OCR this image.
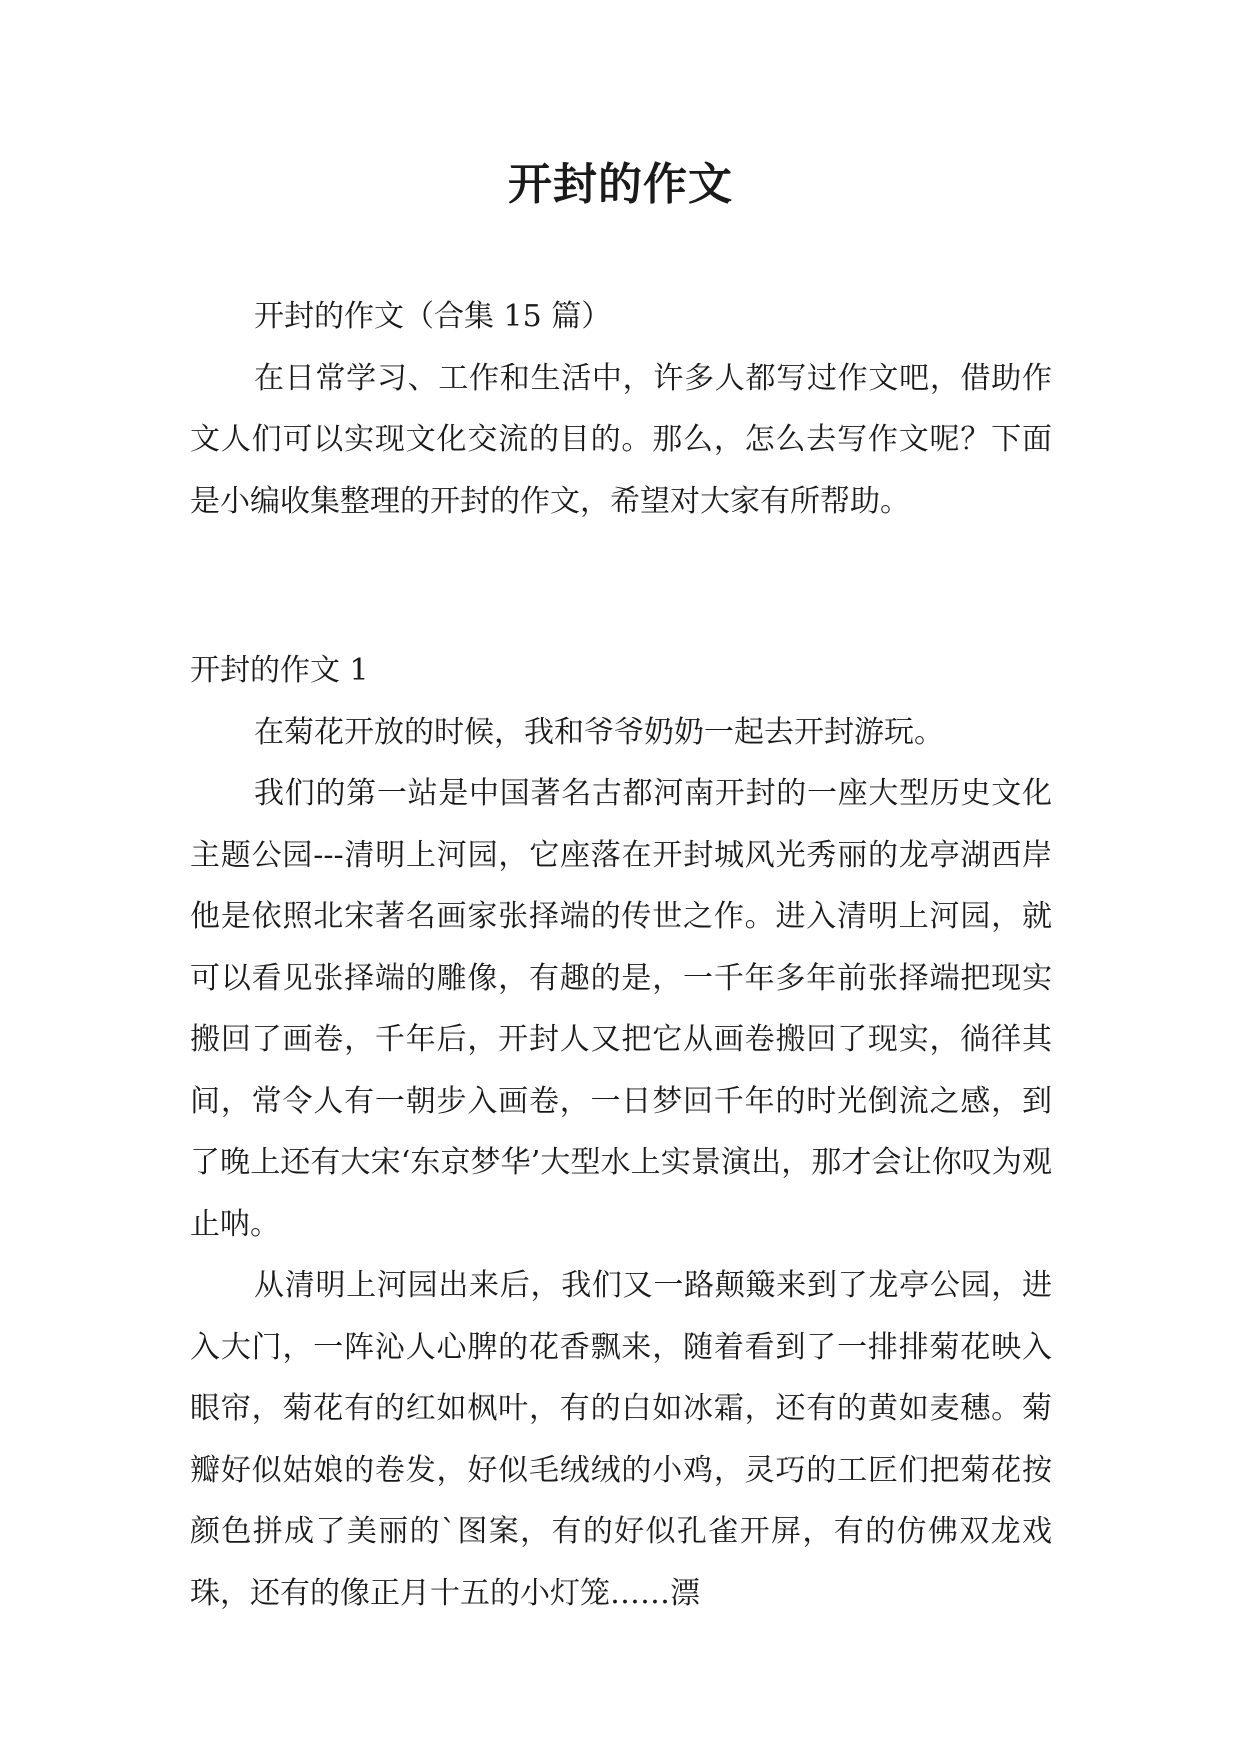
开封的作文

开封的作文（合集 15 篇）

在日常学习、工作和生活中，许多人都写过作文吧，借助作文人们可以实现文化交流的目的。那么，怎么去写作文呢？下面是小编收集整理的开封的作文，希望对大家有所帮助。

开封的作文 1

在菊花开放的时候，我和爷爷奶奶一起去开封游玩。

我们的第一站是中国著名古都河南开封的一座大型历史文化主题公园---清明上河园，它座落在开封城风光秀丽的龙亭湖西岸他是依照北宋著名画家张择端的传世之作。进入清明上河园，就可以看见张择端的雕像，有趣的是，一千年多年前张择端把现实搬回了画卷，千年后，开封人又把它从画卷搬回了现实，徜徉其间，常令人有一朝步入画卷，一日梦回千年的时光倒流之感，到了晚上还有大宋‘东京梦华’大型水上实景演出，那才会让你叹为观止呐。

从清明上河园出来后，我们又一路颠簸来到了龙亭公园，进入大门，一阵沁人心脾的花香飘来，随着看到了一排排菊花映入眼帘，菊花有的红如枫叶，有的白如冰霜，还有的黄如麦穗。菊瓣好似姑娘的卷发，好似毛绒绒的小鸡，灵巧的工匠们把菊花按颜色拼成了美丽的`图案，有的好似孔雀开屏，有的仿佛双龙戏珠，还有的像正月十五的小灯笼……漂
